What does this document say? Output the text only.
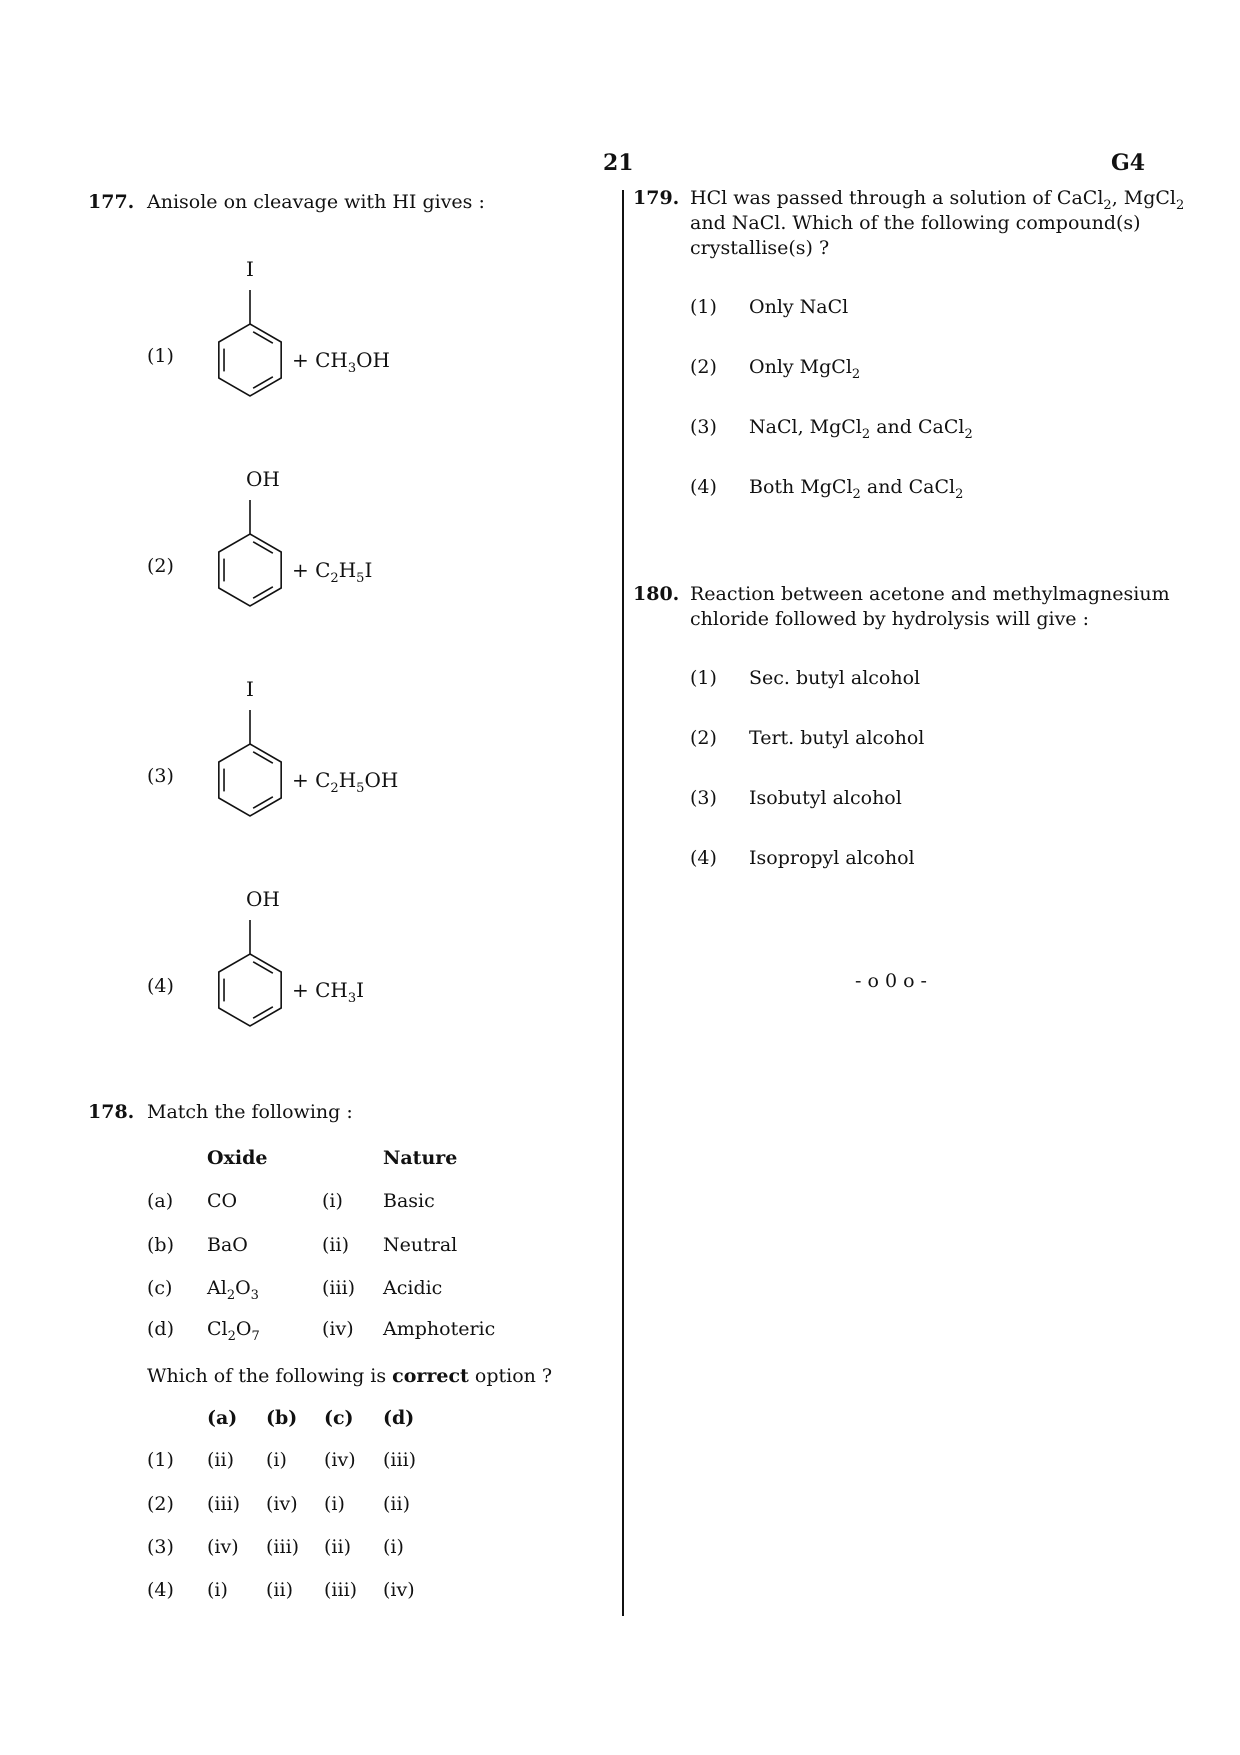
21	G4
177. Anisole on cleavage with HI gives :
(1)
I
+ $CH_3OH$
(2)
OH
+ $C_2H_5I$
(3)
I
+ $C_2H_5OH$
(4)
OH
+ $CH_3I$
178. Match the following :
Oxide	Nature
(a) CO	(i) Basic
(b) BaO	(ii) Neutral
(c) $Al_2O_3$	(iii) Acidic
(d) $Cl_2O_7$	(iv) Amphoteric
Which of the following is correct option ?
(a) (b) (c) (d)
(1) (ii) (i) (iv) (iii)
(2) (iii) (iv) (i) (ii)
(3) (iv) (iii) (ii) (i)
(4) (i) (ii) (iii) (iv)
179. HCl was passed through a solution of CaCl$_2$, MgCl$_2$
and NaCl. Which of the following compound(s)
crystallise(s) ?
(1) Only NaCl
(2) Only MgCl$_2$
(3) NaCl, MgCl$_2$ and CaCl$_2$
(4) Both MgCl$_2$ and CaCl$_2$
180. Reaction between acetone and methylmagnesium
chloride followed by hydrolysis will give :
(1) Sec. butyl alcohol
(2) Tert. butyl alcohol
(3) Isobutyl alcohol
(4) Isopropyl alcohol
- o 0 o -
